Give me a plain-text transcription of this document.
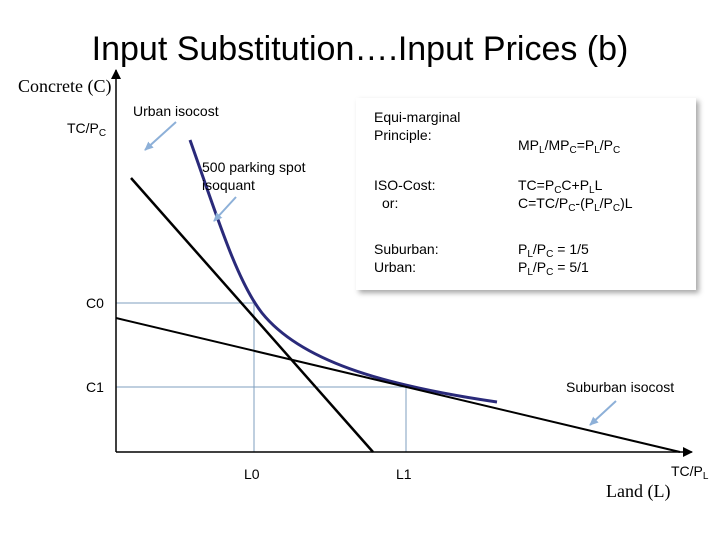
Input Substitution….Input Prices (b)
Concrete (C)
Land (L)
$TC/P_C$
$TC/P_L$
C0
C1
L0	L1
Urban isocost
500 parking spot
isoquant
Suburban isocost
Equi-marginal
Principle:
$MP_L/MP_C=P_L/P_C$
ISO-Cost:
or:
$TC=P_CC+P_LL$
$C=TC/P_C-(P_L/P_C)L$
Suburban:
Urban:
$P_L/P_C = 1/5$
$P_L/P_C = 5/1$
